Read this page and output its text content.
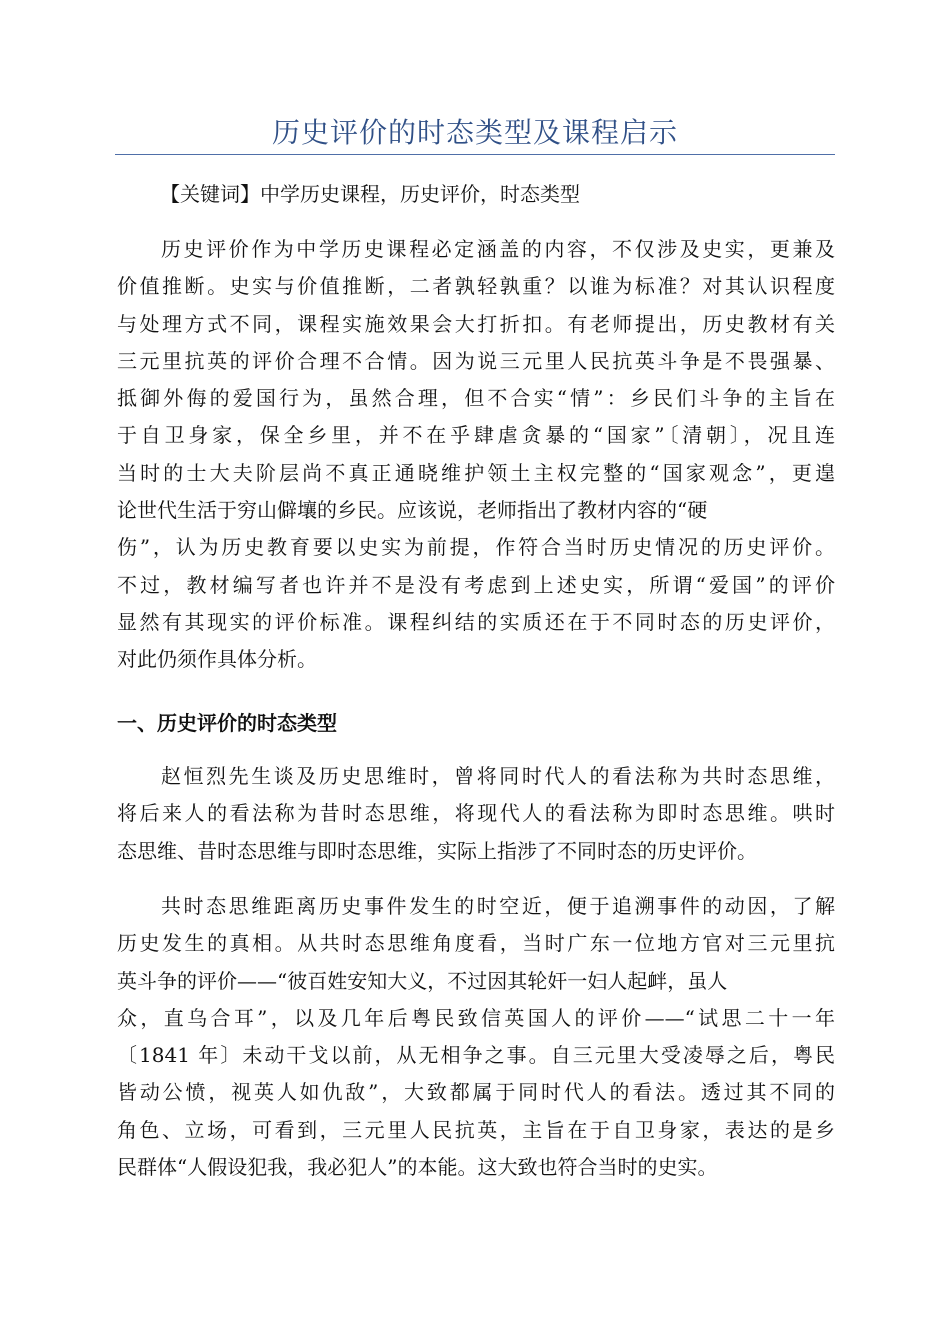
历史评价的时态类型及课程启示
【关键词】中学历史课程，历史评价，时态类型
历史评价作为中学历史课程必定涵盖的内容，不仅涉及史实，更兼及
价值推断。史实与价值推断，二者孰轻孰重？以谁为标准？对其认识程度
与处理方式不同，课程实施效果会大打折扣。有老师提出，历史教材有关
三元里抗英的评价合理不合情。因为说三元里人民抗英斗争是不畏强暴、
抵御外侮的爱国行为，虽然合理，但不合实“情”：乡民们斗争的主旨在
于自卫身家，保全乡里，并不在乎肆虐贪暴的“国家”〔清朝〕，况且连
当时的士大夫阶层尚不真正通晓维护领土主权完整的“国家观念”，更遑
论世代生活于穷山僻壤的乡民。应该说，老师指出了教材内容的“硬
伤”，认为历史教育要以史实为前提，作符合当时历史情况的历史评价。
不过，教材编写者也许并不是没有考虑到上述史实，所谓“爱国”的评价
显然有其现实的评价标准。课程纠结的实质还在于不同时态的历史评价，
对此仍须作具体分析。
一、历史评价的时态类型
赵恒烈先生谈及历史思维时，曾将同时代人的看法称为共时态思维，
将后来人的看法称为昔时态思维，将现代人的看法称为即时态思维。哄时
态思维、昔时态思维与即时态思维，实际上指涉了不同时态的历史评价。
共时态思维距离历史事件发生的时空近，便于追溯事件的动因，了解
历史发生的真相。从共时态思维角度看，当时广东一位地方官对三元里抗
英斗争的评价——“彼百姓安知大义，不过因其轮奸一妇人起衅，虽人
众，直乌合耳”，以及几年后粤民致信英国人的评价——“试思二十一年
〔1841 年〕未动干戈以前，从无相争之事。自三元里大受凌辱之后，粤民
皆动公愤，视英人如仇敌”，大致都属于同时代人的看法。透过其不同的
角色、立场，可看到，三元里人民抗英，主旨在于自卫身家，表达的是乡
民群体“人假设犯我，我必犯人”的本能。这大致也符合当时的史实。
